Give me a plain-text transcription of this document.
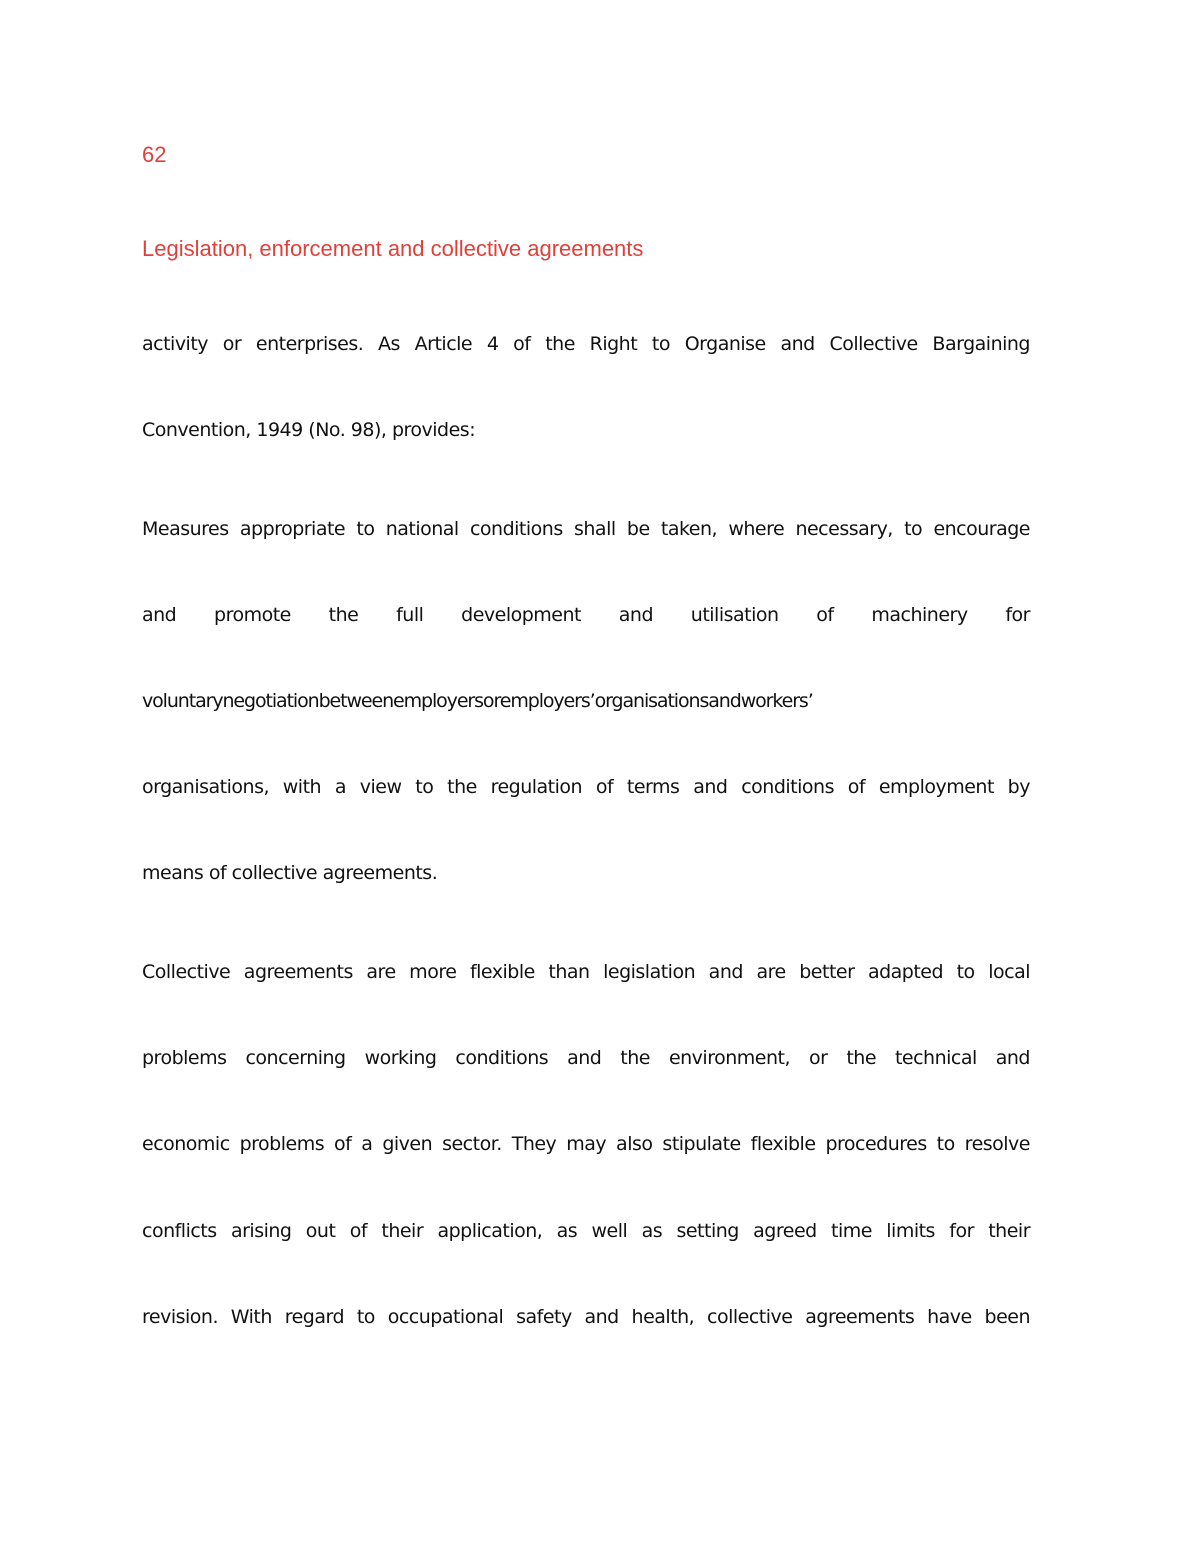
62
Legislation, enforcement and collective agreements
activity or enterprises. As Article 4 of the Right to Organise and Collective Bargaining
Convention, 1949 (No. 98), provides:
Measures appropriate to national conditions shall be taken, where necessary, to encourage
and promote the full development and utilisation of machinery for
voluntarynegotiationbetweenemployersoremployers’organisationsandworkers’
organisations, with a view to the regulation of terms and conditions of employment by
means of collective agreements.
Collective agreements are more flexible than legislation and are better adapted to local
problems concerning working conditions and the environment, or the technical and
economic problems of a given sector. They may also stipulate flexible procedures to resolve
conflicts arising out of their application, as well as setting agreed time limits for their
revision. With regard to occupational safety and health, collective agreements have been
